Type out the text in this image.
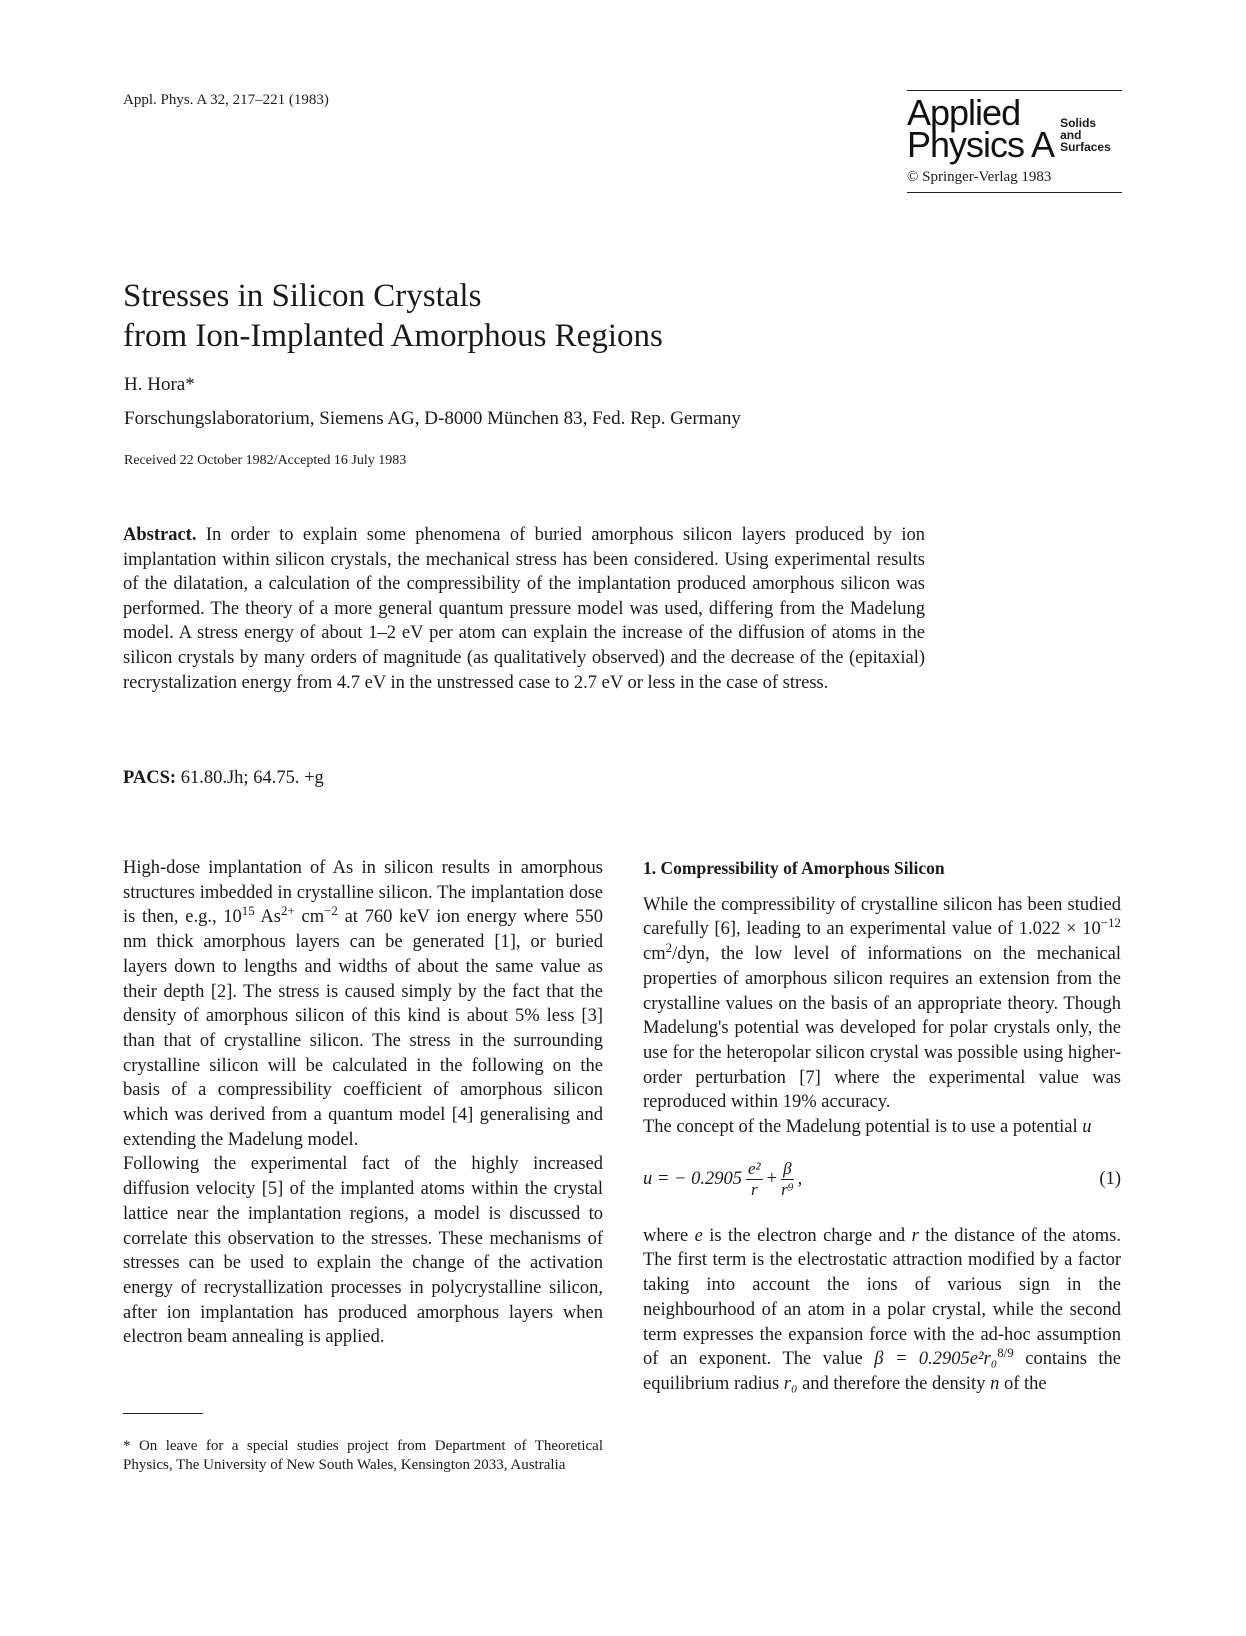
Appl. Phys. A 32, 217–221 (1983)	Applied
Physics A
Solids
and
Surfaces
© Springer-Verlag 1983
Stresses in Silicon Crystals
from Ion-Implanted Amorphous Regions
H. Hora*
Forschungslaboratorium, Siemens AG, D-8000 München 83, Fed. Rep. Germany
Received 22 October 1982/Accepted 16 July 1983
Abstract. In order to explain some phenomena of buried amorphous silicon layers produced by ion implantation within silicon crystals, the mechanical stress has been considered. Using experimental results of the dilatation, a calculation of the compressibility of the implantation produced amorphous silicon was performed. The theory of a more general quantum pressure model was used, differing from the Madelung model. A stress energy of about 1–2 eV per atom can explain the increase of the diffusion of atoms in the silicon crystals by many orders of magnitude (as qualitatively observed) and the decrease of the (epitaxial) recrystalization energy from 4.7 eV in the unstressed case to 2.7 eV or less in the case of stress.
PACS: 61.80.Jh; 64.75. +g

High-dose implantation of As in silicon results in amorphous structures imbedded in crystalline silicon. The implantation dose is then, e.g., $10^{15}$ $As^{2+}$ $cm^{-2}$ at 760 keV ion energy where 550 nm thick amorphous layers can be generated [1], or buried layers down to lengths and widths of about the same value as their depth [2]. The stress is caused simply by the fact that the density of amorphous silicon of this kind is about 5% less [3] than that of crystalline silicon. The stress in the surrounding crystalline silicon will be calculated in the following on the basis of a compressibility coefficient of amorphous silicon which was derived from a quantum model [4] generalising and extending the Madelung model.

Following the experimental fact of the highly increased diffusion velocity [5] of the implanted atoms within the crystal lattice near the implantation regions, a model is discussed to correlate this observation to the stresses. These mechanisms of stresses can be used to explain the change of the activation energy of recrystallization processes in polycrystalline silicon, after ion implantation has produced amorphous layers when electron beam annealing is applied.

* On leave for a special studies project from Department of Theoretical Physics, The University of New South Wales, Kensington 2033, Australia

1. Compressibility of Amorphous Silicon

While the compressibility of crystalline silicon has been studied carefully [6], leading to an experimental value of $1.022 \times 10^{-12}$ $cm^2$/dyn, the low level of informations on the mechanical properties of amorphous silicon requires an extension from the crystalline values on the basis of an appropriate theory. Though Madelung's potential was developed for polar crystals only, the use for the heteropolar silicon crystal was possible using higher-order perturbation [7] where the experimental value was reproduced within 19% accuracy.

The concept of the Madelung potential is to use a potential u

u = − $0.2905 \frac{\text{e²}}{r} + \frac{\beta}{\text{r⁹}}$ ,	(1)

where e is the electron charge and r the distance of the atoms. The first term is the electrostatic attraction modified by a factor taking into account the ions of various sign in the neighbourhood of an atom in a polar crystal, while the second term expresses the expansion force with the ad-hoc assumption of an exponent. The value β = 0.2905e²r₀$^{8/9}$ contains the equilibrium radius r₀ and therefore the density n of the
